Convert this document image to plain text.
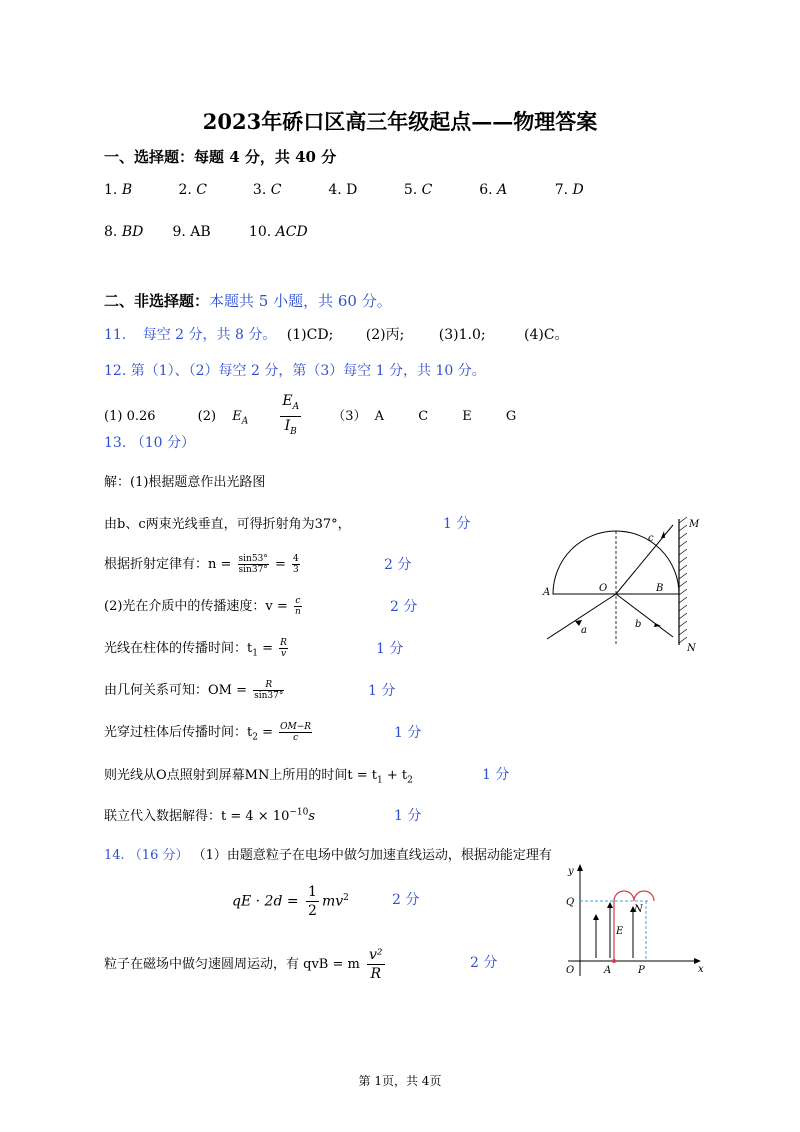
2023年硚口区高三年级起点——物理答案
一、选择题：每题 4 分，共 40 分
1. B	2. C	3. C	4. D	5. C	6. A	7. D
8. BD 9. AB	10. ACD
二、非选择题：本题共 5 小题，共 60 分。
11. 每空 2 分，共 8 分。 (1)CD; (2)丙; (3)1.0;	(4)C。
12. 第（1）、（2）每空 2 分，第（3）每空 1 分，共 10 分。
(1) 0.26	(2) $E_A \frac{E_A}{I_B} (3)$ A	C	E	G
13. （10 分）
解：(1)根据题意作出光路图
由b、c两束光线垂直，可得折射角为37°，	1 分
根据折射定律有：$n = \frac{\sin 53^\circ}{\sin 37^\circ} = \frac{4}{3}$	2 分
(2)光在介质中的传播速度：$v = \frac{c}{n}$	2 分
光线在柱体的传播时间：$t_1 = \frac{R}{v}$	1 分
由几何关系可知：OM = $\frac{R}{\sin 37^\circ}$	1 分
光穿过柱体后传播时间：$t_2 = \frac{OM-R}{c}$	1 分
则光线从O点照射到屏幕MN上所用的时间$t = t_1 + t_2$	1 分
联立代入数据解得：$t = 4 \times 10^{-10}s$	1 分
A	O	B
M
N
a
b
c
14. （16 分） （1）由题意粒子在电场中做匀加速直线运动，根据动能定理有
qE · $2d = \frac{1}{2} mv^2$	2 分
粒子在磁场中做匀速圆周运动，有 qvB = m $\frac{\text{v²}}{R}$	2 分	O	A	P
Q
N
E
y
x
第 1页，共 4页
